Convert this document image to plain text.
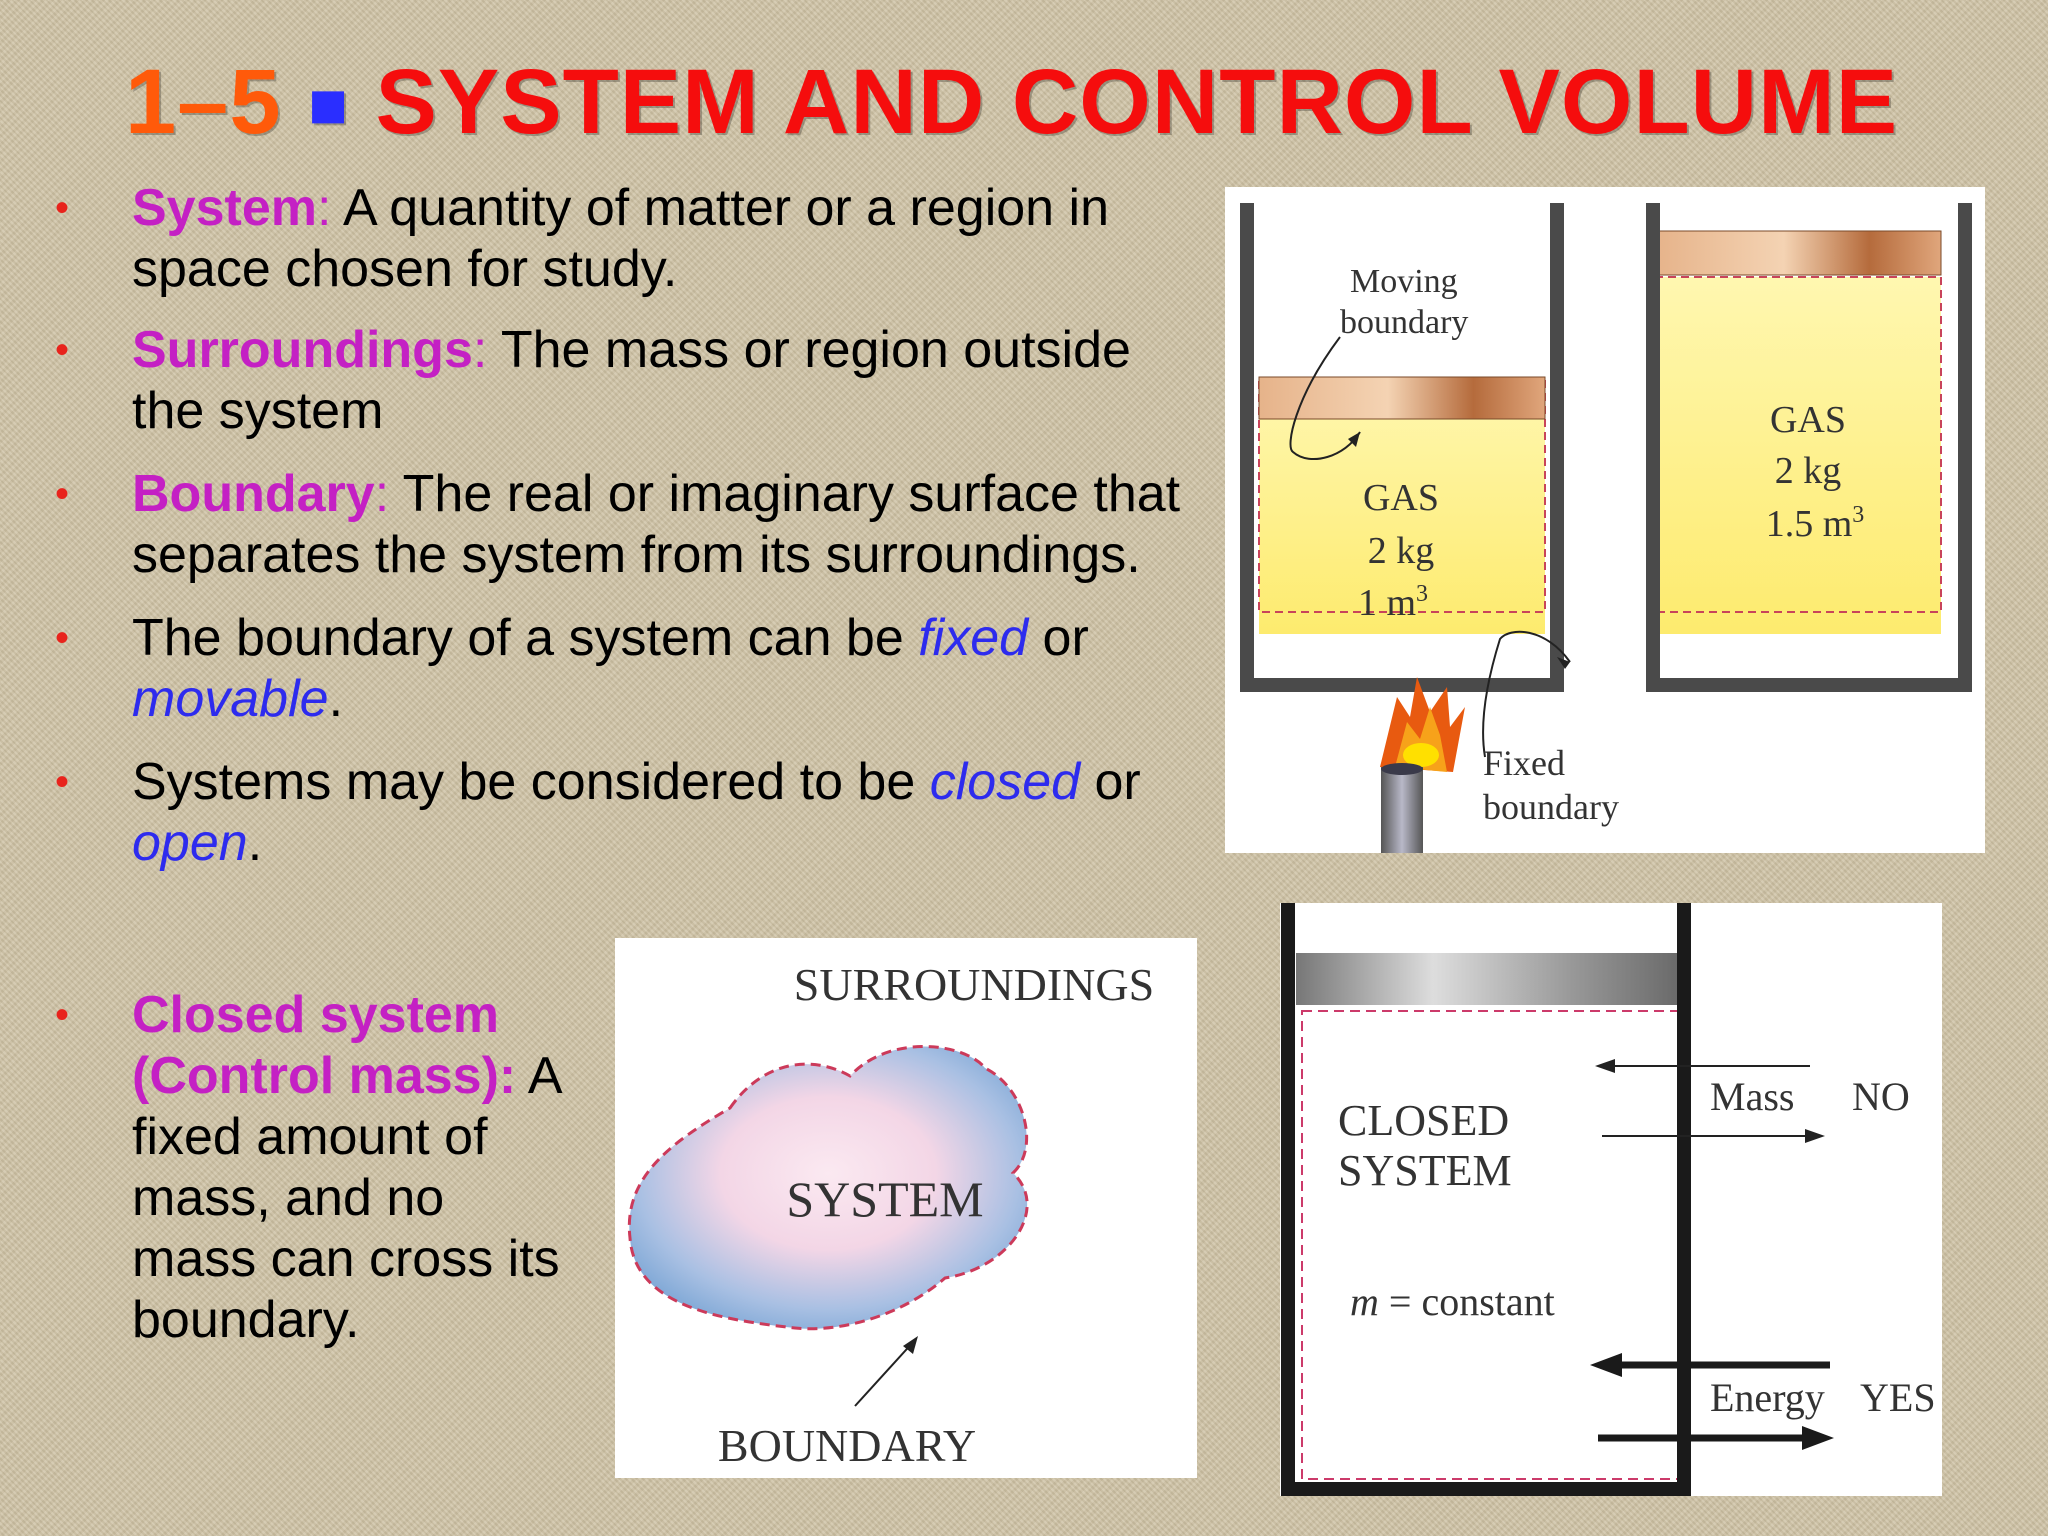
1–5 ■ SYSTEM AND CONTROL VOLUME
• System: A quantity of matter or a region in space chosen for study.
• Surroundings: The mass or region outside the system
• Boundary: The real or imaginary surface that separates the system from its surroundings.
• The boundary of a system can be fixed or movable.
• Systems may be considered to be closed or open.
• Closed system (Control mass): A fixed amount of mass, and no mass can cross its boundary.
Moving
boundary
GAS
2 kg
1 $m^3$
GAS
2 kg
1.5 $m^3$
Fixed
boundary
SURROUNDINGS
SYSTEM
BOUNDARY
CLOSED
SYSTEM
m = constant
Mass NO
Energy YES
